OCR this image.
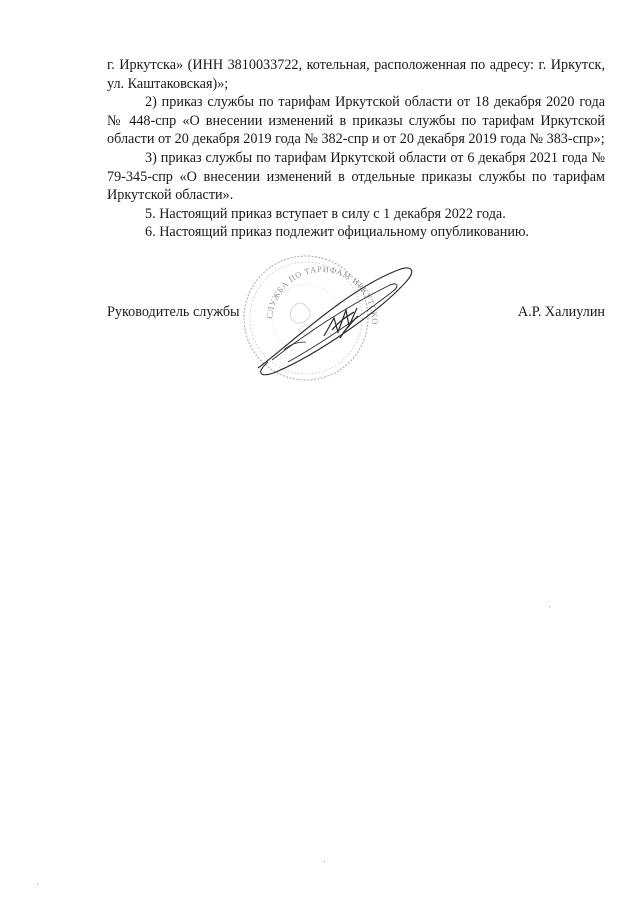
г. Иркутска» (ИНН 3810033722, котельная, расположенная по адресу: г. Иркутск, ул. Каштаковская)»;

2) приказ службы по тарифам Иркутской области от 18 декабря 2020 года № 448-спр «О внесении изменений в приказы службы по тарифам Иркутской области от 20 декабря 2019 года № 382-спр и от 20 декабря 2019 года № 383-спр»;

3) приказ службы по тарифам Иркутской области от 6 декабря 2021 года № 79-345-спр «О внесении изменений в отдельные приказы службы по тарифам Иркутской области».

5. Настоящий приказ вступает в силу с 1 декабря 2022 года.

6. Настоящий приказ подлежит официальному опубликованию.

СЛУЖБА ПО ТАРИФАМ ИРКУТСКО
Руководитель службы	А.Р. Халиулин
